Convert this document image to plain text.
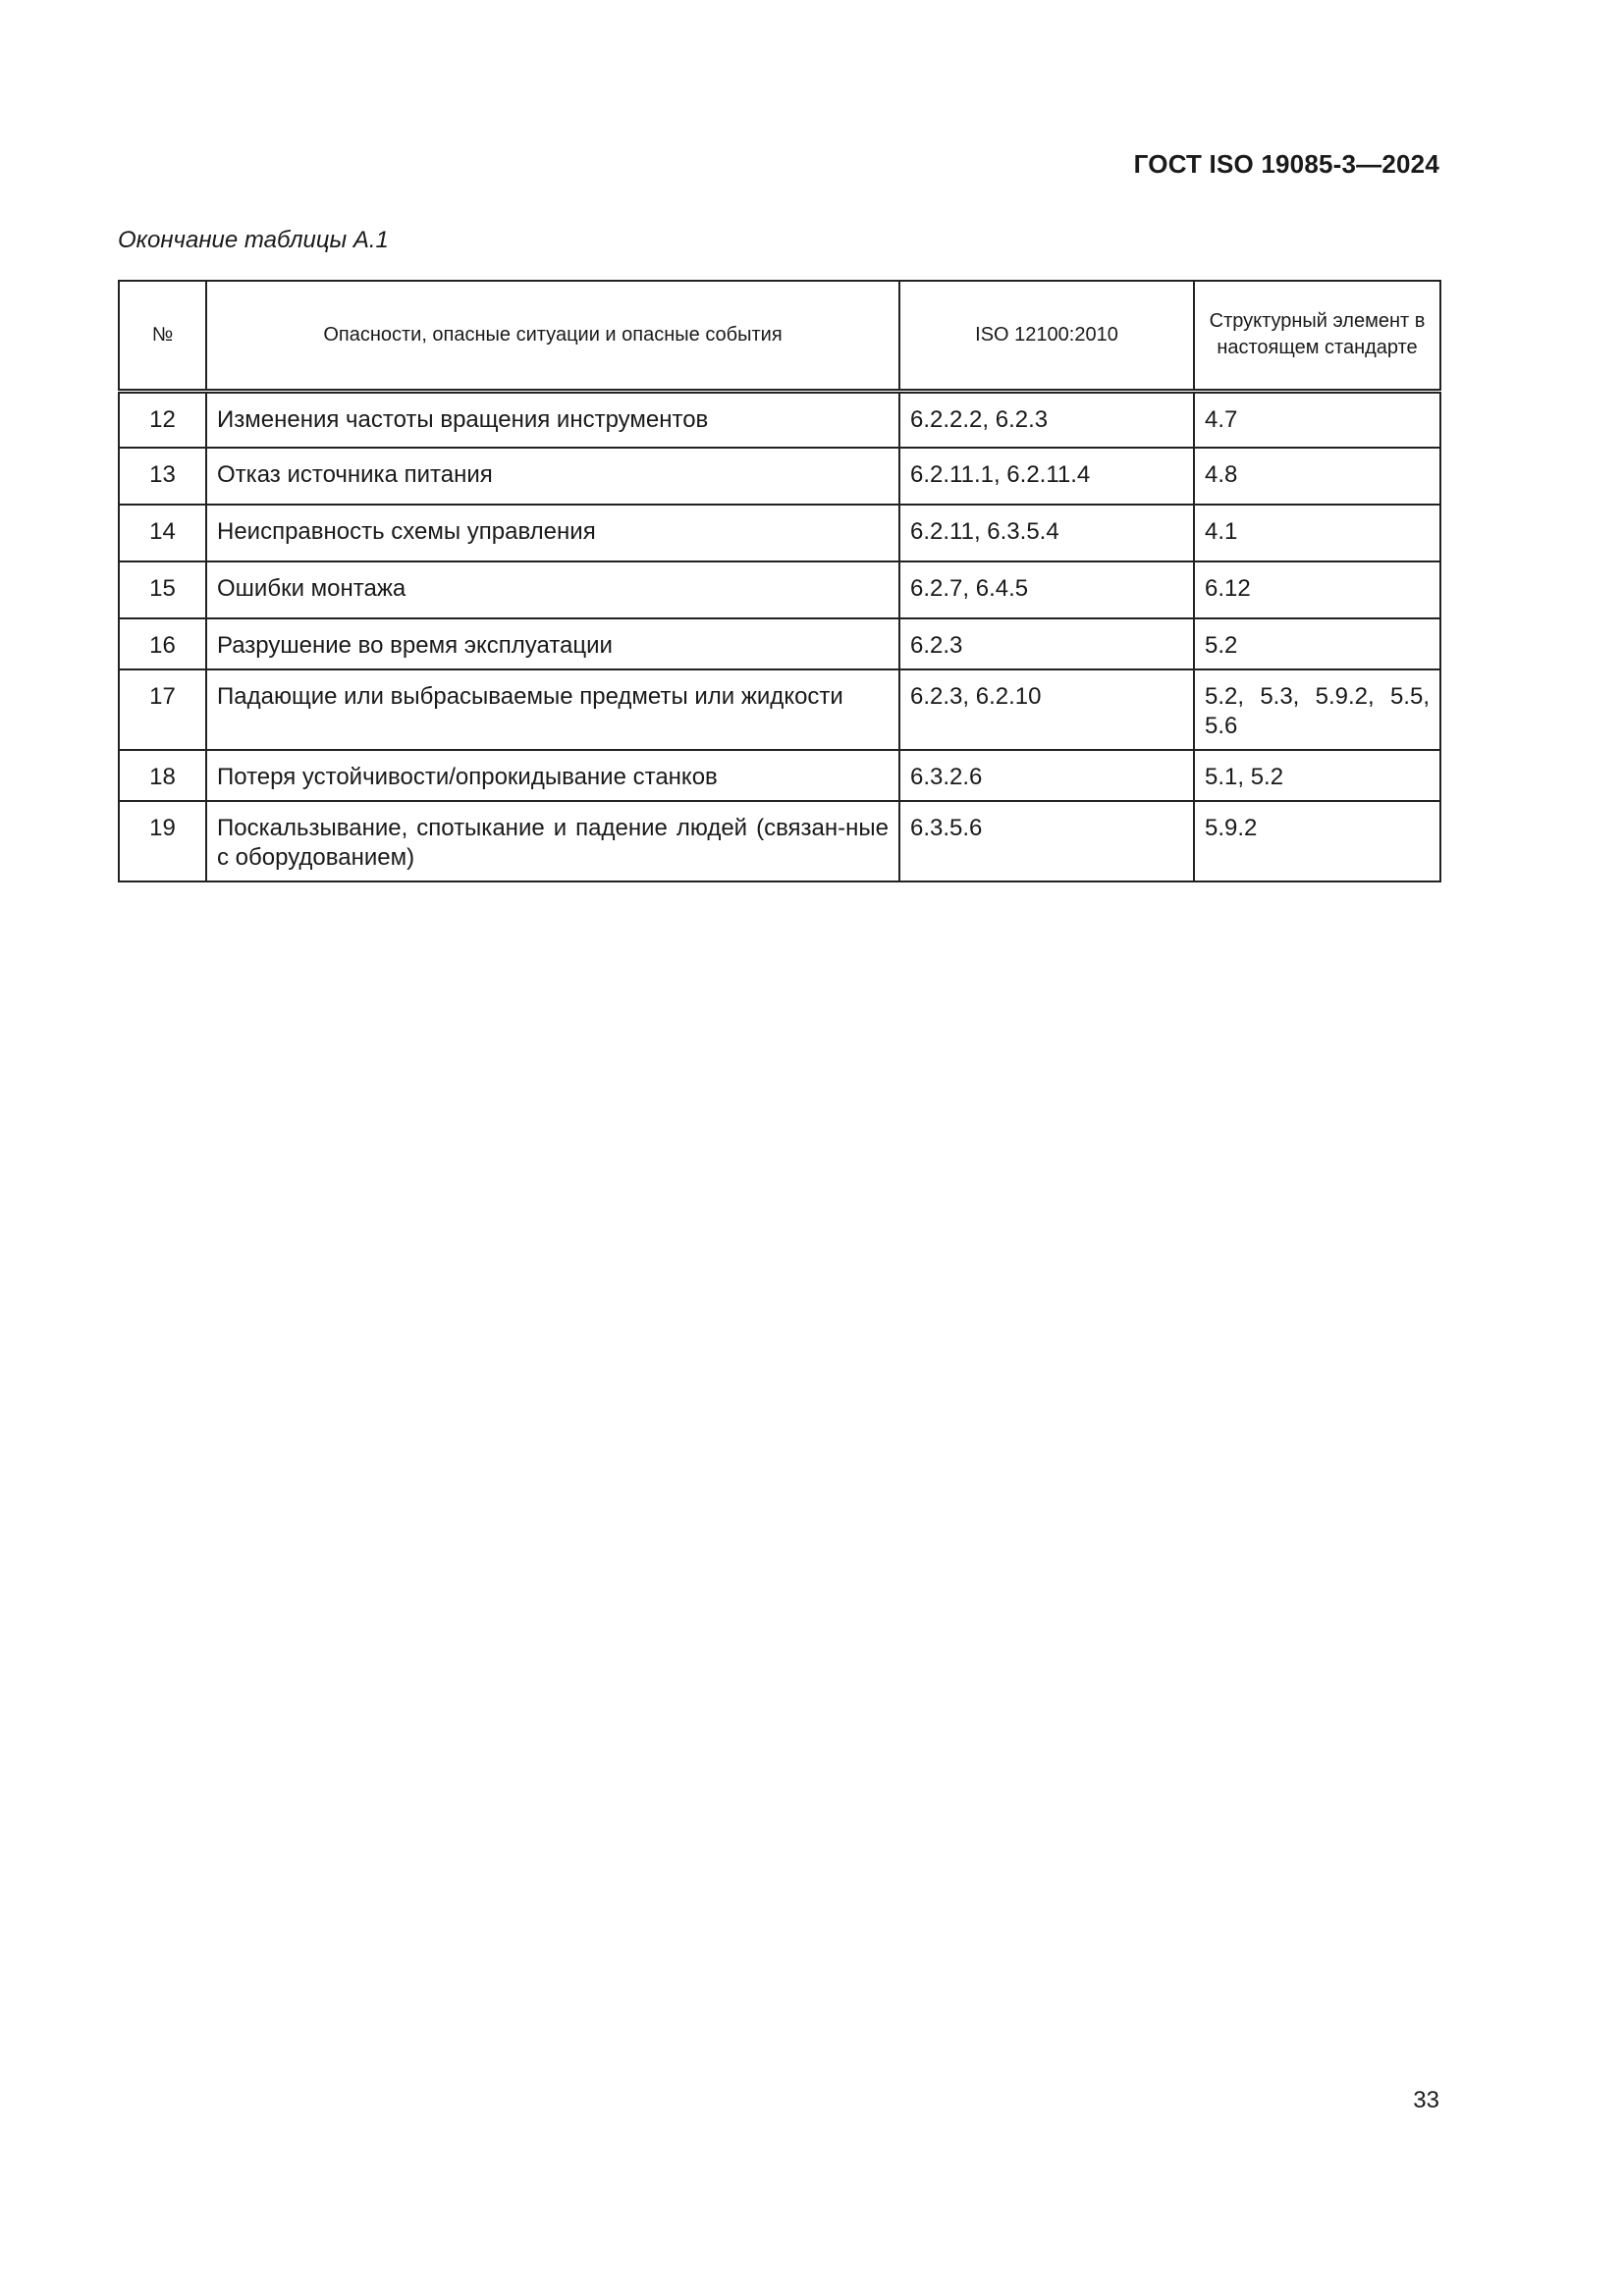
ГОСТ ISO 19085-3—2024
Окончание таблицы А.1
№	Опасности, опасные ситуации и опасные события	ISO 12100:2010	Структурный элемент в настоящем стандарте
12	Изменения частоты вращения инструментов	6.2.2.2, 6.2.3	4.7
13	Отказ источника питания	6.2.11.1, 6.2.11.4	4.8
14	Неисправность схемы управления	6.2.11, 6.3.5.4	4.1
15	Ошибки монтажа	6.2.7, 6.4.5	6.12
16	Разрушение во время эксплуатации	6.2.3	5.2
17	Падающие или выбрасываемые предметы или жидкости	6.2.3, 6.2.10	5.2, 5.3, 5.9.2, 5.5, 5.6
18	Потеря устойчивости/опрокидывание станков	6.3.2.6	5.1, 5.2
19	Поскальзывание, спотыкание и падение людей (связан-ные с оборудованием)	6.3.5.6	5.9.2
33
